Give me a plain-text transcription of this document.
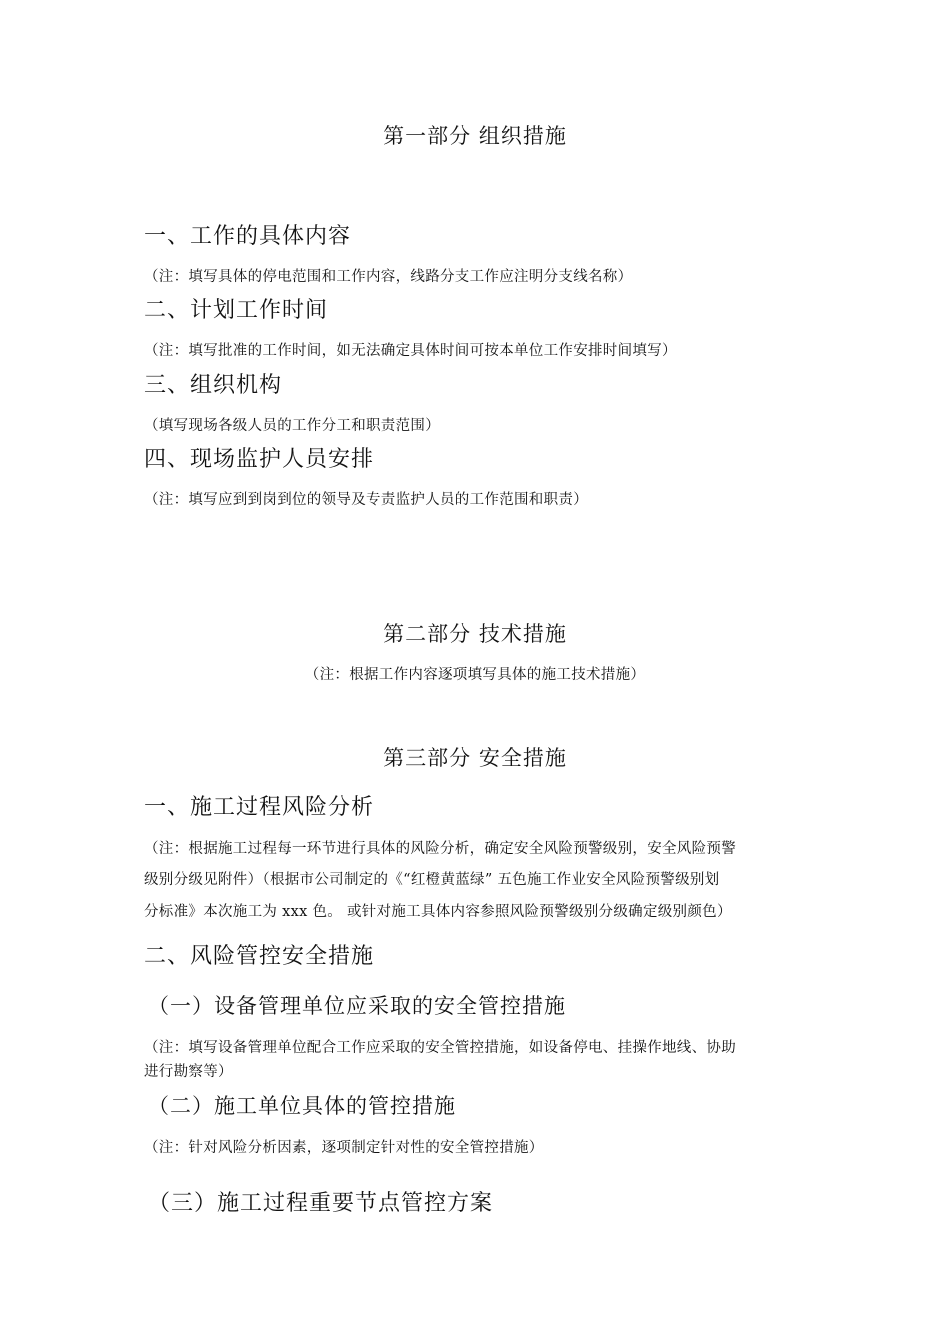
第一部分 组织措施
一、工作的具体内容
（注：填写具体的停电范围和工作内容，线路分支工作应注明分支线名称）
二、计划工作时间
（注：填写批准的工作时间，如无法确定具体时间可按本单位工作安排时间填写）
三、组织机构
（填写现场各级人员的工作分工和职责范围）
四、现场监护人员安排
（注：填写应到到岗到位的领导及专责监护人员的工作范围和职责）
第二部分 技术措施
（注：根据工作内容逐项填写具体的施工技术措施）
第三部分 安全措施
一、施工过程风险分析
（注：根据施工过程每一环节进行具体的风险分析，确定安全风险预警级别，安全风险预警
级别分级见附件）（根据市公司制定的《“红橙黄蓝绿” 五色施工作业安全风险预警级别划
分标准》本次施工为 xxx 色。 或针对施工具体内容参照风险预警级别分级确定级别颜色）
二、风险管控安全措施
（一）设备管理单位应采取的安全管控措施
（注：填写设备管理单位配合工作应采取的安全管控措施，如设备停电、挂操作地线、协助
进行勘察等）
（二）施工单位具体的管控措施
（注：针对风险分析因素，逐项制定针对性的安全管控措施）
（三）施工过程重要节点管控方案
